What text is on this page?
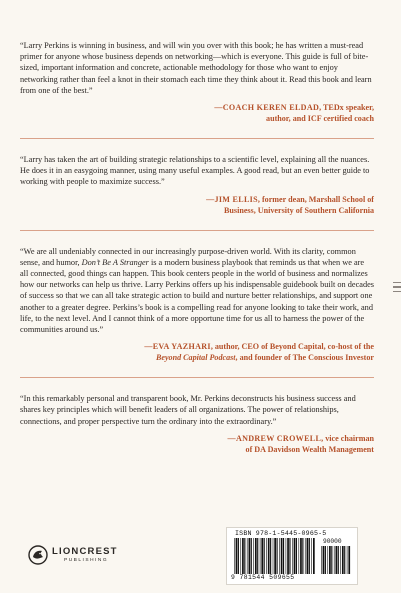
“Larry Perkins is winning in business, and will win you over with this book; he has written a must-read primer for anyone whose business depends on networking—which is everyone. This guide is full of bite-sized, important information and concrete, actionable methodology for those who want to enjoy networking rather than feel a knot in their stomach each time they think about it. Read this book and learn from one of the best.”

—COACH KEREN ELDAD, TEDx speaker,
author, and ICF certified coach

“Larry has taken the art of building strategic relationships to a scientific level, explaining all the nuances. He does it in an easygoing manner, using many useful examples. A good read, but an even better guide to working with people to maximize success.”

—JIM ELLIS, former dean, Marshall School of
Business, University of Southern California

“We are all undeniably connected in our increasingly purpose-driven world. With its clarity, common sense, and humor, Don’t Be A Stranger is a modern business playbook that reminds us that when we are all connected, good things can happen. This book centers people in the world of business and normalizes how our networks can help us thrive. Larry Perkins offers up his indispensable guidebook built on decades of success so that we can all take strategic action to build and nurture better relationships, and support one another to a greater degree. Perkins’s book is a compelling read for anyone looking to take their work, and life, to the next level. And I cannot think of a more opportune time for us all to harness the power of the communities around us.”

—EVA YAZHARI, author, CEO of Beyond Capital, co-host of the
Beyond Capital Podcast, and founder of The Conscious Investor

“In this remarkably personal and transparent book, Mr. Perkins deconstructs his business success and shares key principles which will benefit leaders of all organizations. The power of relationships, connections, and proper perspective turn the ordinary into the extraordinary.”

—ANDREW CROWELL, vice chairman
of DA Davidson Wealth Management
LIONCREST
PUBLISHING
ISBN 978-1-5445-0965-5
90000
9 781544 509655
